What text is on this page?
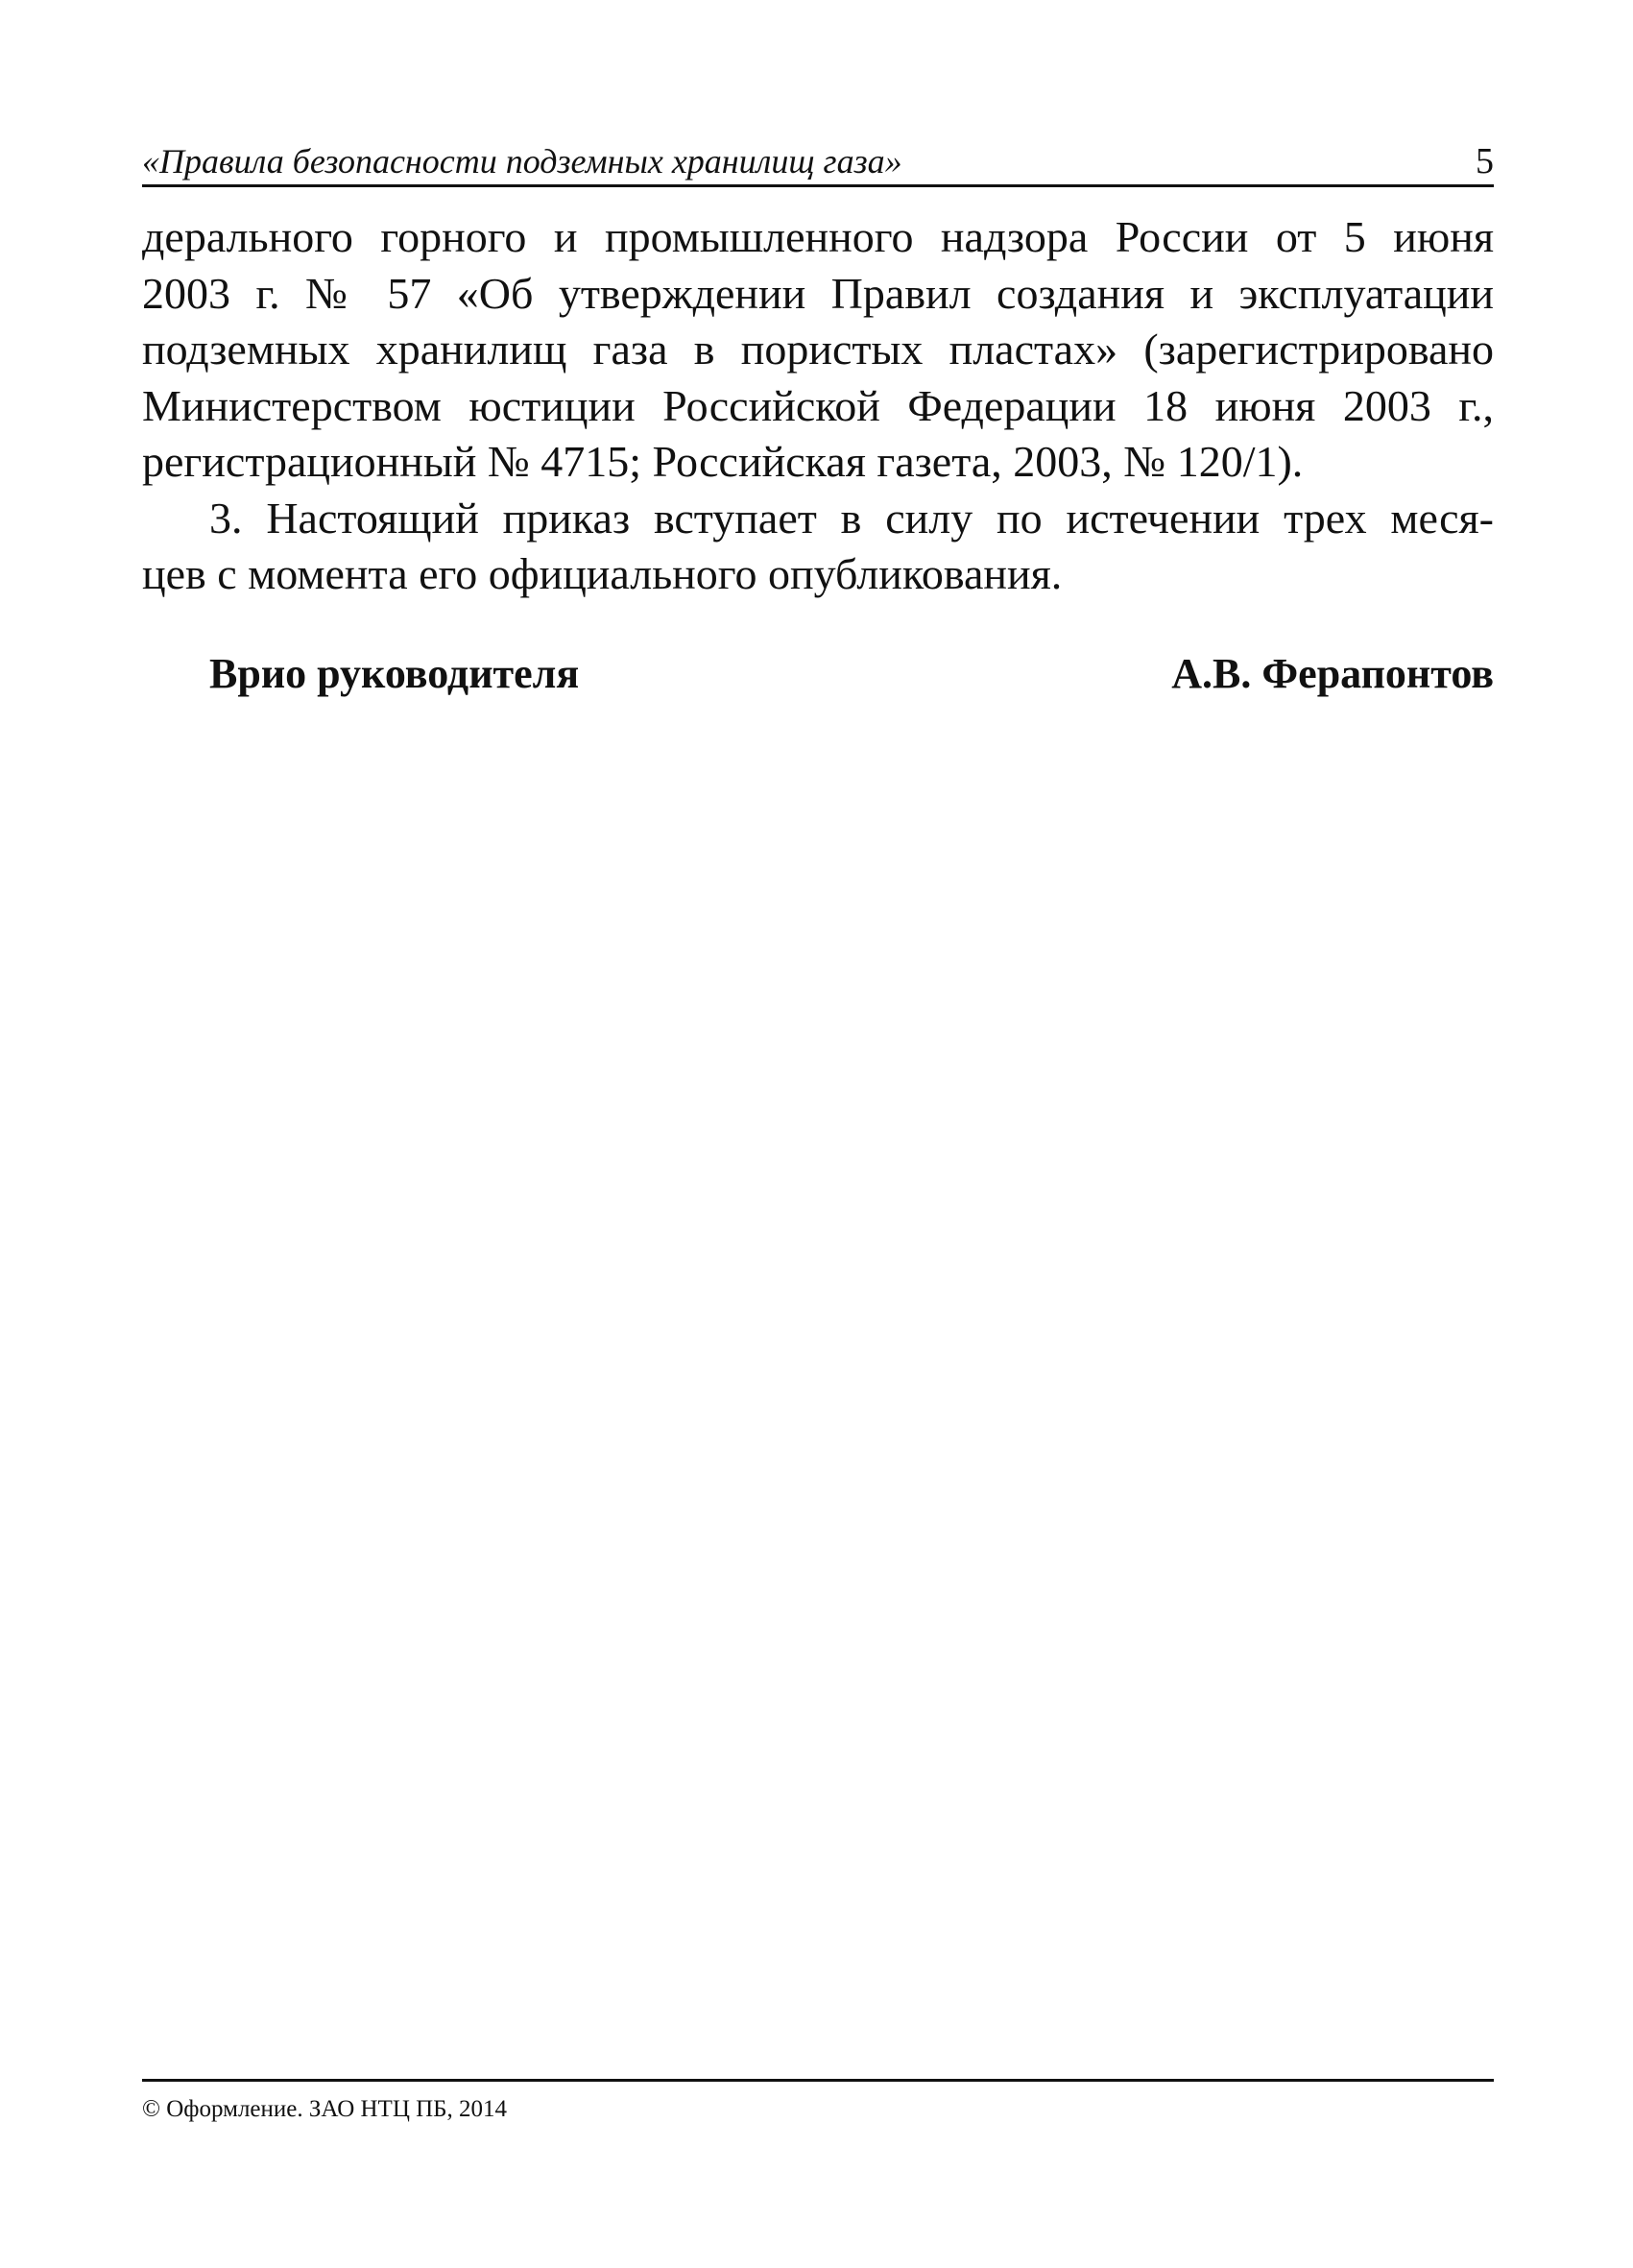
«Правила безопасности подземных хранилищ газа»	5
дерального горного и промышленного надзора России от 5 июня
2003 г. № 57 «Об утверждении Правил создания и эксплуатации
подземных хранилищ газа в пористых пластах» (зарегистрировано
Министерством юстиции Российской Федерации 18 июня 2003 г.,
регистрационный № 4715; Российская газета, 2003, № 120/1).
3. Настоящий приказ вступает в силу по истечении трех меся-
цев с момента его официального опубликования.
Врио руководителя	А.В. Ферапонтов
© Оформление. ЗАО НТЦ ПБ, 2014
